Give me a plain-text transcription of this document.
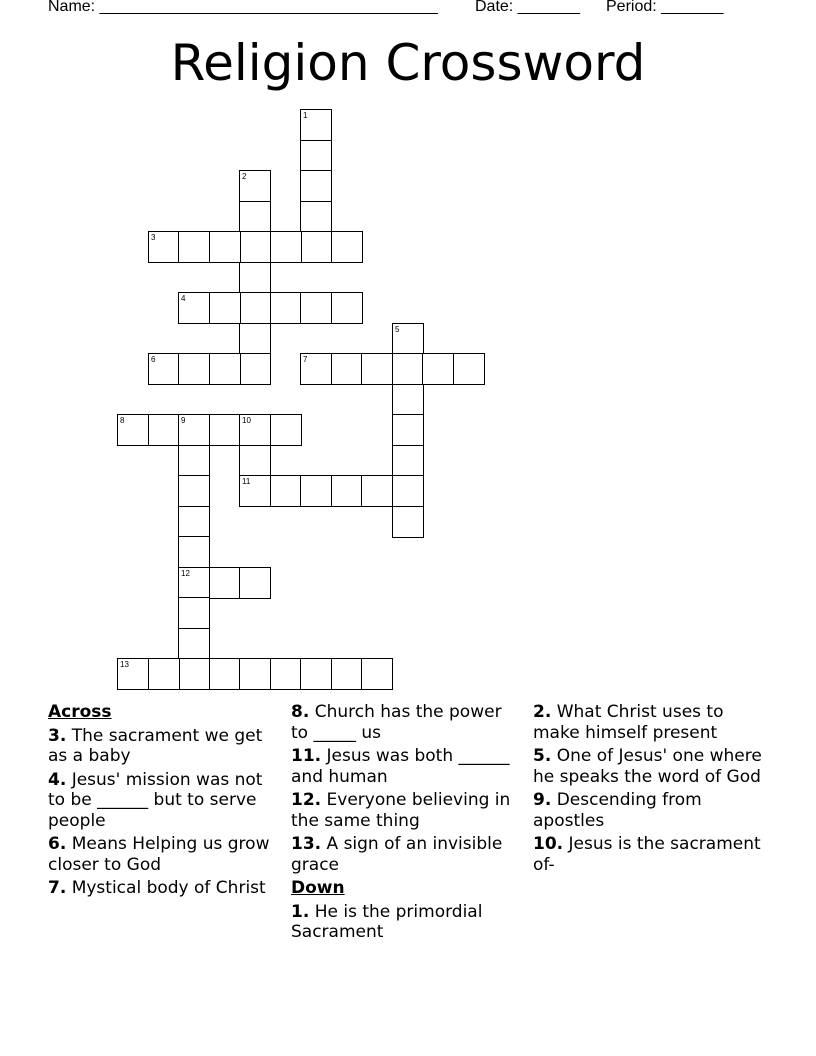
Name: ______________________________________ Date: _______ Period: _______
Religion Crossword
1
2
3
4
5
6	7
8	9	10
12
11
13
Across
3. The sacrament we get as a baby
4. Jesus' mission was not to be ______ but to serve people
6. Means Helping us grow closer to God
7. Mystical body of Christ
8. Church has the power to _____ us
11. Jesus was both ______ and human
12. Everyone believing in the same thing
13. A sign of an invisible grace
Down
1. He is the primordial Sacrament
2. What Christ uses to make himself present
5. One of Jesus' one where he speaks the word of God
9. Descending from apostles
10. Jesus is the sacrament of-
